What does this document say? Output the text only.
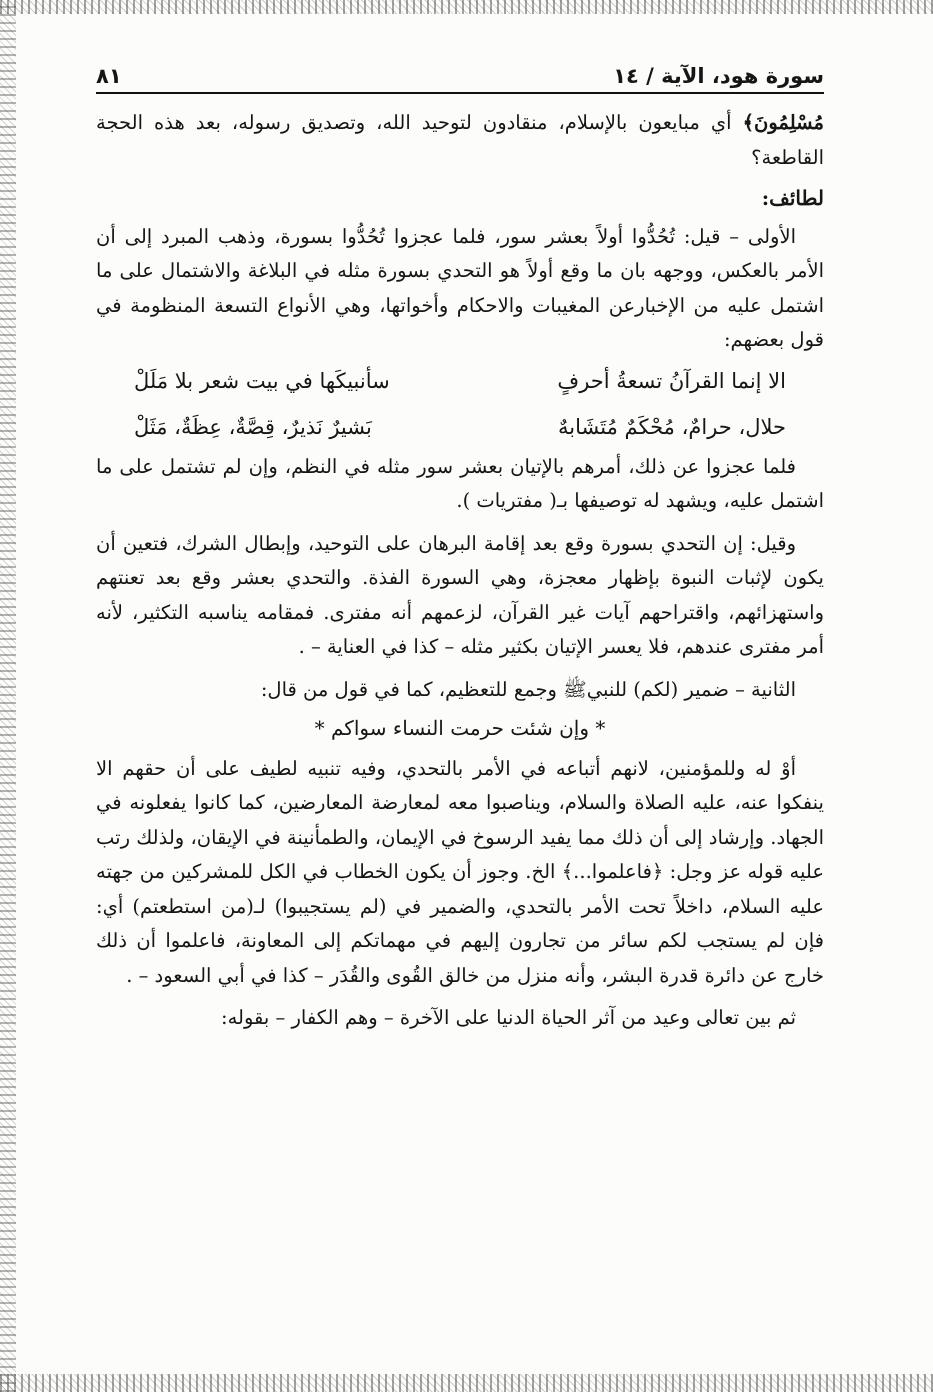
سورة هود، الآية / ١٤
٨١

مُسْلِمُونَ﴾ أي مبايعون بالإسلام، منقادون لتوحيد الله، وتصديق رسوله، بعد هذه الحجة القاطعة؟

لطائف:

الأولى – قيل: تُحُدُّوا أولاً بعشر سور، فلما عجزوا تُحُدُّوا بسورة، وذهب المبرد إلى أن الأمر بالعكس، ووجهه بان ما وقع أولاً هو التحدي بسورة مثله في البلاغة والاشتمال على ما اشتمل عليه من الإخبارعن المغيبات والاحكام وأخواتها، وهي الأنواع التسعة المنظومة في قول بعضهم:

الا إنما القرآنُ تسعةُ أحرفٍ
سأنبيكَها في بيت شعر بلا مَلَلْ
حلال، حرامٌ، مُحْكَمٌ مُتَشَابهٌ
بَشيرٌ نَذيرٌ، قِصَّةٌ، عِظَةٌ، مَثَلْ

فلما عجزوا عن ذلك، أمرهم بالإتيان بعشر سور مثله في النظم، وإن لم تشتمل على ما اشتمل عليه، ويشهد له توصيفها بـ( مفتريات ).

وقيل: إن التحدي بسورة وقع بعد إقامة البرهان على التوحيد، وإبطال الشرك، فتعين أن يكون لإثبات النبوة بإظهار معجزة، وهي السورة الفذة. والتحدي بعشر وقع بعد تعنتهم واستهزائهم، واقتراحهم آيات غير القرآن، لزعمهم أنه مفترى. فمقامه يناسبه التكثير، لأنه أمر مفترى عندهم، فلا يعسر الإتيان بكثير مثله – كذا في العناية – .

الثانية – ضمير (لكم) للنبيﷺ وجمع للتعظيم، كما في قول من قال:

* وإن شئت حرمت النساء سواكم *

أوْ له وللمؤمنين، لانهم أتباعه في الأمر بالتحدي، وفيه تنبيه لطيف على أن حقهم الا ينفكوا عنه، عليه الصلاة والسلام، ويناصبوا معه لمعارضة المعارضين، كما كانوا يفعلونه في الجهاد. وإرشاد إلى أن ذلك مما يفيد الرسوخ في الإيمان، والطمأنينة في الإيقان، ولذلك رتب عليه قوله عز وجل: ﴿فاعلموا...﴾ الخ. وجوز أن يكون الخطاب في الكل للمشركين من جهته عليه السلام، داخلاً تحت الأمر بالتحدي، والضمير في (لم يستجيبوا) لـ(من استطعتم) أي: فإن لم يستجب لكم سائر من تجارون إليهم في مهماتكم إلى المعاونة، فاعلموا أن ذلك خارج عن دائرة قدرة البشر، وأنه منزل من خالق القُوى والقُدَر – كذا في أبي السعود – .

ثم بين تعالى وعيد من آثر الحياة الدنيا على الآخرة – وهم الكفار – بقوله:
